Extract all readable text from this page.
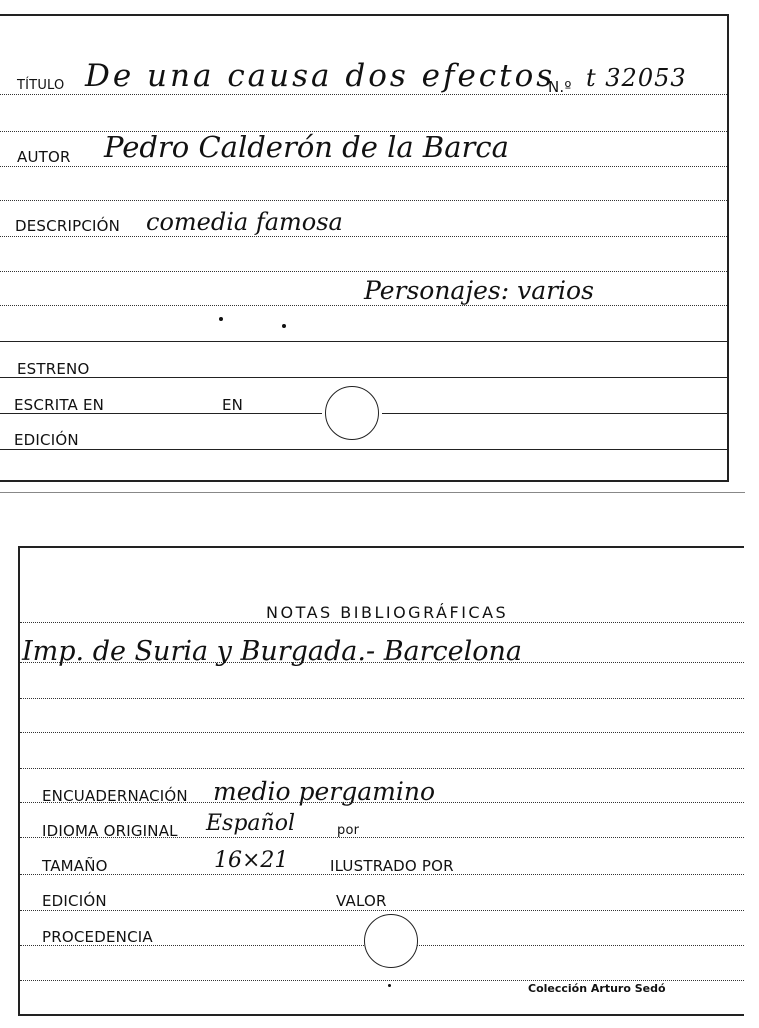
TÍTULO De una causa dos efectos
N.º t 32053
AUTOR Pedro Calderón de la Barca
DESCRIPCIÓN comedia famosa
Personajes: varios
ESTRENO
ESCRITA EN	EN
EDICIÓN
NOTAS BIBLIOGRÁFICAS
Imp. de Suria y Burgada.- Barcelona
ENCUADERNACIÓN medio pergamino
IDIOMA ORIGINAL Español	por
TAMAÑO	16×21	ILUSTRADO POR
EDICIÓN	VALOR
PROCEDENCIA
Colección Arturo Sedó
